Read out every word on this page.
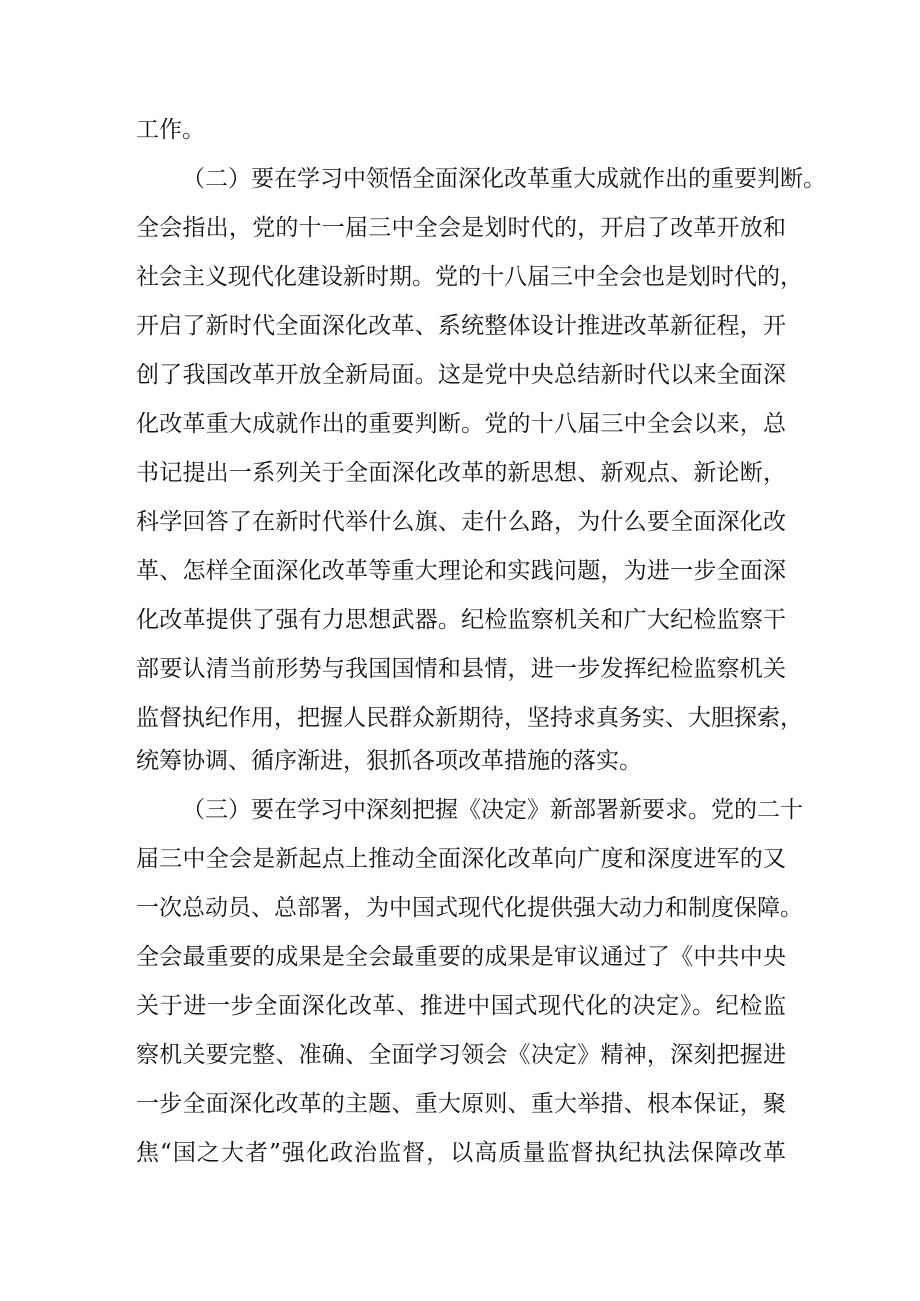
工作。
（二）要在学习中领悟全面深化改革重大成就作出的重要判断。
全会指出，党的十一届三中全会是划时代的，开启了改革开放和
社会主义现代化建设新时期。党的十八届三中全会也是划时代的，
开启了新时代全面深化改革、系统整体设计推进改革新征程，开
创了我国改革开放全新局面。这是党中央总结新时代以来全面深
化改革重大成就作出的重要判断。党的十八届三中全会以来，总
书记提出一系列关于全面深化改革的新思想、新观点、新论断，
科学回答了在新时代举什么旗、走什么路，为什么要全面深化改
革、怎样全面深化改革等重大理论和实践问题，为进一步全面深
化改革提供了强有力思想武器。纪检监察机关和广大纪检监察干
部要认清当前形势与我国国情和县情，进一步发挥纪检监察机关
监督执纪作用，把握人民群众新期待，坚持求真务实、大胆探索，
统筹协调、循序渐进，狠抓各项改革措施的落实。
（三）要在学习中深刻把握《决定》新部署新要求。党的二十
届三中全会是新起点上推动全面深化改革向广度和深度进军的又
一次总动员、总部署，为中国式现代化提供强大动力和制度保障。
全会最重要的成果是全会最重要的成果是审议通过了《中共中央
关于进一步全面深化改革、推进中国式现代化的决定》。纪检监
察机关要完整、准确、全面学习领会《决定》精神，深刻把握进
一步全面深化改革的主题、重大原则、重大举措、根本保证，聚
焦“国之大者”强化政治监督，以高质量监督执纪执法保障改革
